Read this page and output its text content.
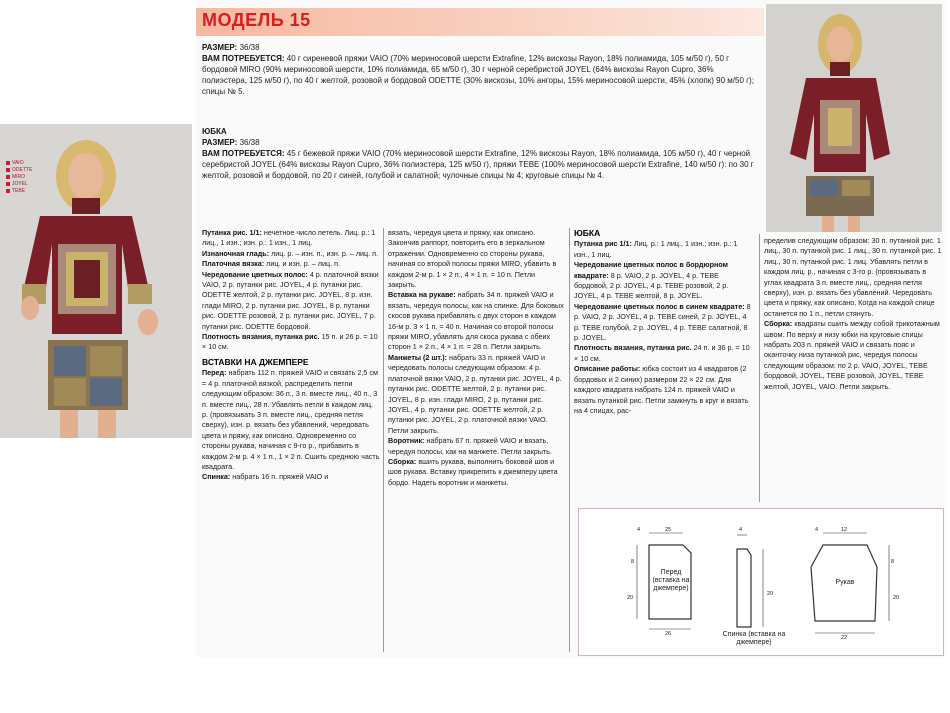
VAIO
ODETTE
MIRO
JOYEL
TEBE
МОДЕЛЬ 15
РАЗМЕР: 36/38
ВАМ ПОТРЕБУЕТСЯ: 40 г сиреневой пряжи VAIO (70% мериносовой шерсти Extrafine, 12% вискозы Rayon, 18% полиамида, 105 м/50 г), 50 г бордовой MIRO (90% мериносовой шерсти, 10% полиамида, 65 м/50 г), 30 г черной серебристой JOYEL (64% вискозы Rayon Cupro, 36% полиэстера, 125 м/50 г), по 40 г желтой, розовой и бордовой ODETTE (30% вискозы, 10% ангоры, 15% мериносовой шерсти, 45% (хлопк) 90 м/50 г); спицы № 5.
ЮБКА
РАЗМЕР: 36/38
ВАМ ПОТРЕБУЕТСЯ: 45 г бежевой пряжи VAIO (70% мериносовой шерсти Extrafine, 12% вискозы Rayon, 18% полиамида, 105 м/50 г), 40 г черной серебристой JOYEL (64% вискозы Rayon Cupro, 36% полиэстера, 125 м/50 г), пряжи TEBE (100% мериносовой шерсти Extrafine, 140 м/50 г): по 30 г желтой, розовой и бордовой, по 20 г синей, голубой и салатной; чулочные спицы № 4; круговые спицы № 4.

Путанка рис. 1/1: нечетное число петель. Лиц. р.: 1 лиц., 1 изн.; изн. р.: 1 изн., 1 лиц.

Изнаночная гладь: лиц. р. – изн. п., изн. р. – лиц. п.

Платочная вязка: лиц. и изн. р. – лиц. п.

Чередование цветных полос: 4 р. платочной вязки VAIO, 2 р. путанки рис. JOYEL, 4 р. путанки рис. ODETTE желтой, 2 р. путанки рис. JOYEL, 8 р. изн. глади MIRO, 2 р. путанки рис. JOYEL, 8 р. путанки рис. ODETTE розовой, 2 р. путанки рис. JOYEL, 7 р. путанки рис. ODETTE бордовой.

Плотность вязания, путанка рис. 15 п. и 26 р. = 10 × 10 см.

ВСТАВКИ НА ДЖЕМПЕРЕ

Перед: набрать 112 п. пряжей VAIO и связать 2,5 см = 4 р. платочной вязкой, распределить петли следующим образом: 36 п., 3 п. вместе лиц., 40 п., 3 п. вместе лиц., 28 п. Убавлять петли в каждом лиц. р. (провязывать 3 п. вместе лиц., средняя петля сверху), изн. р. вязать без убавлений, чередовать цвета и пряжу, как описано. Одновременно со стороны рукава, начиная с 9-го р., прибавить в каждом 2-м р. 4 × 1 п., 1 × 2 п. Сшить среднюю часть квадрата.

Спинка: набрать 16 п. пряжей VAIO и

вязать, чередуя цвета и пряжу, как описано. Закончив раппорт, повторить его в зеркальном отражении. Одновременно со стороны рукава, начиная со второй полосы пряжи MIRO, убавить в каждом 2-м р. 1 × 2 п., 4 × 1 п. = 10 п. Петли закрыть.

Вставка на рукаве: набрать 34 п. пряжей VAIO и вязать, чередуя полосы, как на спинке. Для боковых скосов рукава прибавлять с двух сторон в каждом 16-м р. 3 × 1 п. = 40 п. Начиная со второй полосы пряжи MIRO, убавлять для скоса рукава с обеих сторон 1 × 2 п., 4 × 1 п. = 28 п. Петли закрыть.

Манжеты (2 шт.): набрать 33 п. пряжей VAIO и чередовать полосы следующим образом: 4 р. платочной вязки VAIO, 2 р. путанки рис. JOYEL, 4 р. путанки рис. ODETTE желтой, 2 р. путанки рис. JOYEL, 8 р. изн. глади MIRO, 2 р. путанки рис. JOYEL, 4 р. путанки рис. ODETTE желтой, 2 р. путанки рис. JOYEL, 2 р. платочной вязки VAIO. Петли закрыть.

Воротник: набрать 67 п. пряжей VAIO и вязать, чередуя полосы, как на манжете. Петли закрыть.

Сборка: вшить рукава, выполнить боковой шов и шов рукава. Вставку прикрепить к джемперу цвета бордо. Надеть воротник и манжеты.

ЮБКА

Путанка рис 1/1: Лиц. р.: 1 лиц., 1 изн.; изн. р.: 1 изн., 1 лиц.

Чередование цветных полос в бордюрном квадрате: 8 р. VAIO, 2 р. JOYEL, 4 р. TEBE бордовой, 2 р. JOYEL, 4 р. TEBE розовой, 2 р. JOYEL, 4 р. TEBE желтой, 8 р. JOYEL.

Чередование цветных полос в синем квадрате: 8 р. VAIO, 2 р. JOYEL, 4 р. TEBE синей, 2 р. JOYEL, 4 р. TEBE голубой, 2 р. JOYEL, 4 р. TEBE салатной, 8 р. JOYEL.

Плотность вязания, путанка рис. 24 п. и 36 р. = 10 × 10 см.

Описание работы: юбка состоит из 4 квадратов (2 бордовых и 2 синих) размером 22 × 22 см. Для каждого квадрата набрать 124 п. пряжей VAIO и вязать путанкой рис. Петли замкнуть в круг и вязать на 4 спицах, рас-

пределив следующим образом: 30 п. путанкой рис. 1 лиц., 30 п. путанкой рис. 1 лиц., 30 п. путанкой рис. 1 лиц., 30 п. путанкой рис. 1 лиц. Убавлять петли в каждом лиц. р., начиная с 3-го р. (провязывать в углах квадрата 3 п. вместе лиц., средняя петля сверху), изн. р. вязать без убавлений. Чередовать цвета и пряжу, как описано. Когда на каждой спице останется по 1 п., петли стянуть.

Сборка: квадраты сшить между собой трикотажным швом. По верху и низу юбки на круговые спицы набрать 203 п. пряжей VAIO и связать пояс и оканточку низа путанкой рис, чередуя полосы следующим образом: по 2 р. VAIO, JOYEL, TEBE бордовой, JOYEL, TEBE розовой, JOYEL, TEBE желтой, JOYEL, VAIO. Петли закрыть.

4	25
8
20
26
Перед (вставка на джемпере)
4
20
Спинка (вставка на джемпере)
4	12
8
20
22
Рукав
